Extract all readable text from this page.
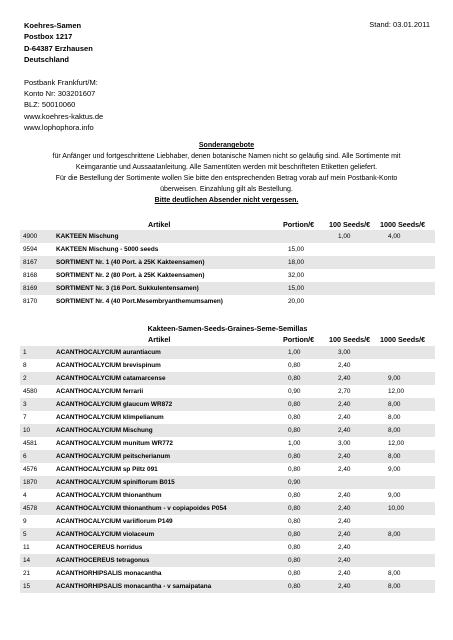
Koehres-Samen
Postbox 1217
D-64387 Erzhausen
Deutschland
Postbank Frankfurt/M:
Konto Nr: 303201607
BLZ: 50010060
www.koehres-kaktus.de
www.lophophora.info
Stand: 03.01.2011
Sonderangebote
für Anfänger und fortgeschrittene Liebhaber, denen botanische Namen nicht so geläufig sind. Alle Sortimente mit
Keimgarantie und Aussaatanleitung. Alle Samentüten werden mit beschrifteten Etiketten geliefert.
Für die Bestellung der Sortimente wollen Sie bitte den entsprechenden Betrag vorab auf mein Postbank-Konto
überweisen. Einzahlung gilt als Bestellung.
Bitte deutlichen Absender nicht vergessen.
Artikel	Portion/€ 100 Seeds/€ 1000 Seeds/€
4900	KAKTEEN Mischung		1,00	4,00
9594	KAKTEEN Mischung - 5000 seeds	15,00		
8167	SORTIMENT Nr. 1 (40 Port. à 25K Kakteensamen)	18,00		
8168	SORTIMENT Nr. 2 (80 Port. à 25K Kakteensamen)	32,00		
8169	SORTIMENT Nr. 3 (16 Port. Sukkulentensamen)	15,00		
8170	SORTIMENT Nr. 4 (40 Port.Mesembryanthemumsamen)	20,00		
Kakteen-Samen-Seeds-Graines-Seme-Semillas
Artikel	Portion/€ 100 Seeds/€ 1000 Seeds/€
1	ACANTHOCALYCIUM aurantiacum	1,00	3,00	
8	ACANTHOCALYCIUM brevispinum	0,80	2,40	
2	ACANTHOCALYCIUM catamarcense	0,80	2,40	9,00
4580	ACANTHOCALYCIUM ferrarii	0,90	2,70	12,00
3	ACANTHOCALYCIUM glaucum WR872	0,80	2,40	8,00
7	ACANTHOCALYCIUM klimpelianum	0,80	2,40	8,00
10	ACANTHOCALYCIUM Mischung	0,80	2,40	8,00
4581	ACANTHOCALYCIUM munitum WR772	1,00	3,00	12,00
6	ACANTHOCALYCIUM peitscherianum	0,80	2,40	8,00
4576	ACANTHOCALYCIUM sp Piltz 091	0,80	2,40	9,00
1870	ACANTHOCALYCIUM spiniflorum B015	0,90		
4	ACANTHOCALYCIUM thionanthum	0,80	2,40	9,00
4578	ACANTHOCALYCIUM thionanthum - v copiapoides P054	0,80	2,40	10,00
9	ACANTHOCALYCIUM variiflorum P149	0,80	2,40	
5	ACANTHOCALYCIUM violaceum	0,80	2,40	8,00
11	ACANTHOCEREUS horridus	0,80	2,40	
14	ACANTHOCEREUS tetragonus	0,80	2,40	
21	ACANTHORHIPSALIS monacantha	0,80	2,40	8,00
15	ACANTHORHIPSALIS monacantha - v samaipatana	0,80	2,40	8,00
